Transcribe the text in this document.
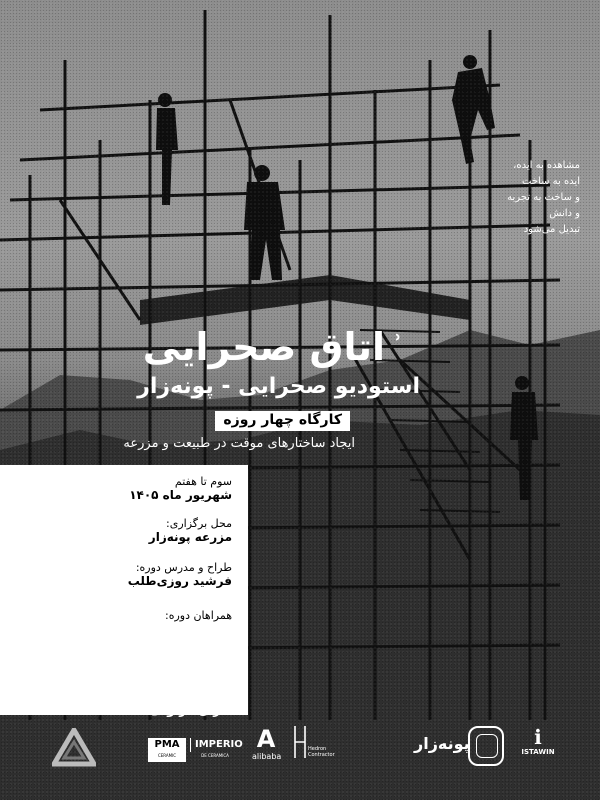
مشاهده به ایده،
ایده به ساخت
و ساخت به تجربه
و دانش
تبدیل می‌شود
ʾ
اتاق صحرایی
استودیو صحرایی - پونه‌زار
کارگاه چهار روزه
ایجاد ساختارهای موقت در طبیعت و مزرعه
سوم تا هفتم
شهریور ماه ۱۴۰۵
محل برگزاری:
مزرعه پونه‌زار
طراح و مدرس دوره:
فرشید روزی‌طلب
همراهان دوره:
امیر رفعتی
اشراق نجف‌آبادی
محمد تاجیک
شیرین حسین‌زاده
مارال فرنودی
PMA
CERAMIC
IMPERIO
DE CERAMICA
A
alibaba
Hedron
Contractor
پونه‌زار	ℹ
ISTAWIN
